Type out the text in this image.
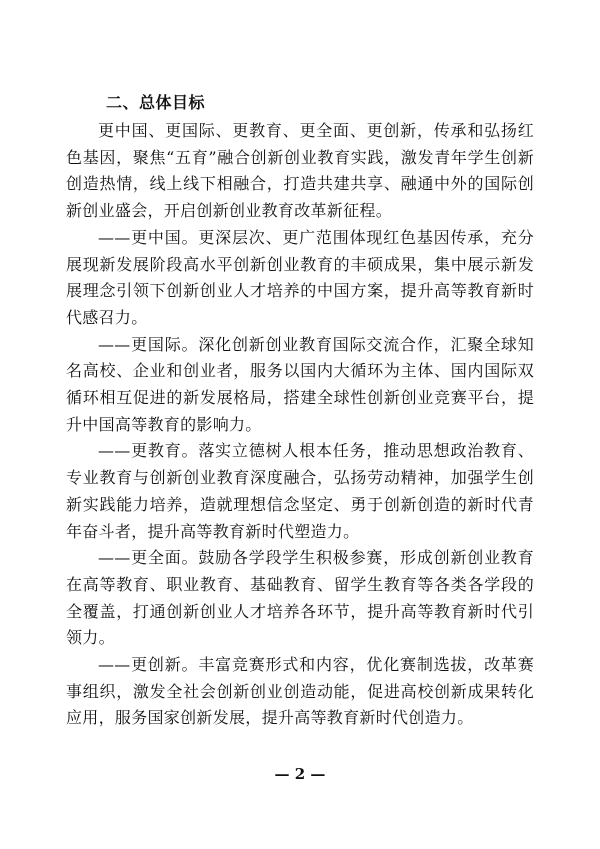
二、总体目标

更中国、更国际、更教育、更全面、更创新，传承和弘扬红色基因，聚焦“五育”融合创新创业教育实践，激发青年学生创新创造热情，线上线下相融合，打造共建共享、融通中外的国际创新创业盛会，开启创新创业教育改革新征程。

——更中国。更深层次、更广范围体现红色基因传承，充分展现新发展阶段高水平创新创业教育的丰硕成果，集中展示新发展理念引领下创新创业人才培养的中国方案，提升高等教育新时代感召力。

——更国际。深化创新创业教育国际交流合作，汇聚全球知名高校、企业和创业者，服务以国内大循环为主体、国内国际双循环相互促进的新发展格局，搭建全球性创新创业竞赛平台，提升中国高等教育的影响力。

——更教育。落实立德树人根本任务，推动思想政治教育、专业教育与创新创业教育深度融合，弘扬劳动精神，加强学生创新实践能力培养，造就理想信念坚定、勇于创新创造的新时代青年奋斗者，提升高等教育新时代塑造力。

——更全面。鼓励各学段学生积极参赛，形成创新创业教育在高等教育、职业教育、基础教育、留学生教育等各类各学段的全覆盖，打通创新创业人才培养各环节，提升高等教育新时代引领力。

——更创新。丰富竞赛形式和内容，优化赛制选拔，改革赛事组织，激发全社会创新创业创造动能，促进高校创新成果转化应用，服务国家创新发展，提升高等教育新时代创造力。

— 2 —
